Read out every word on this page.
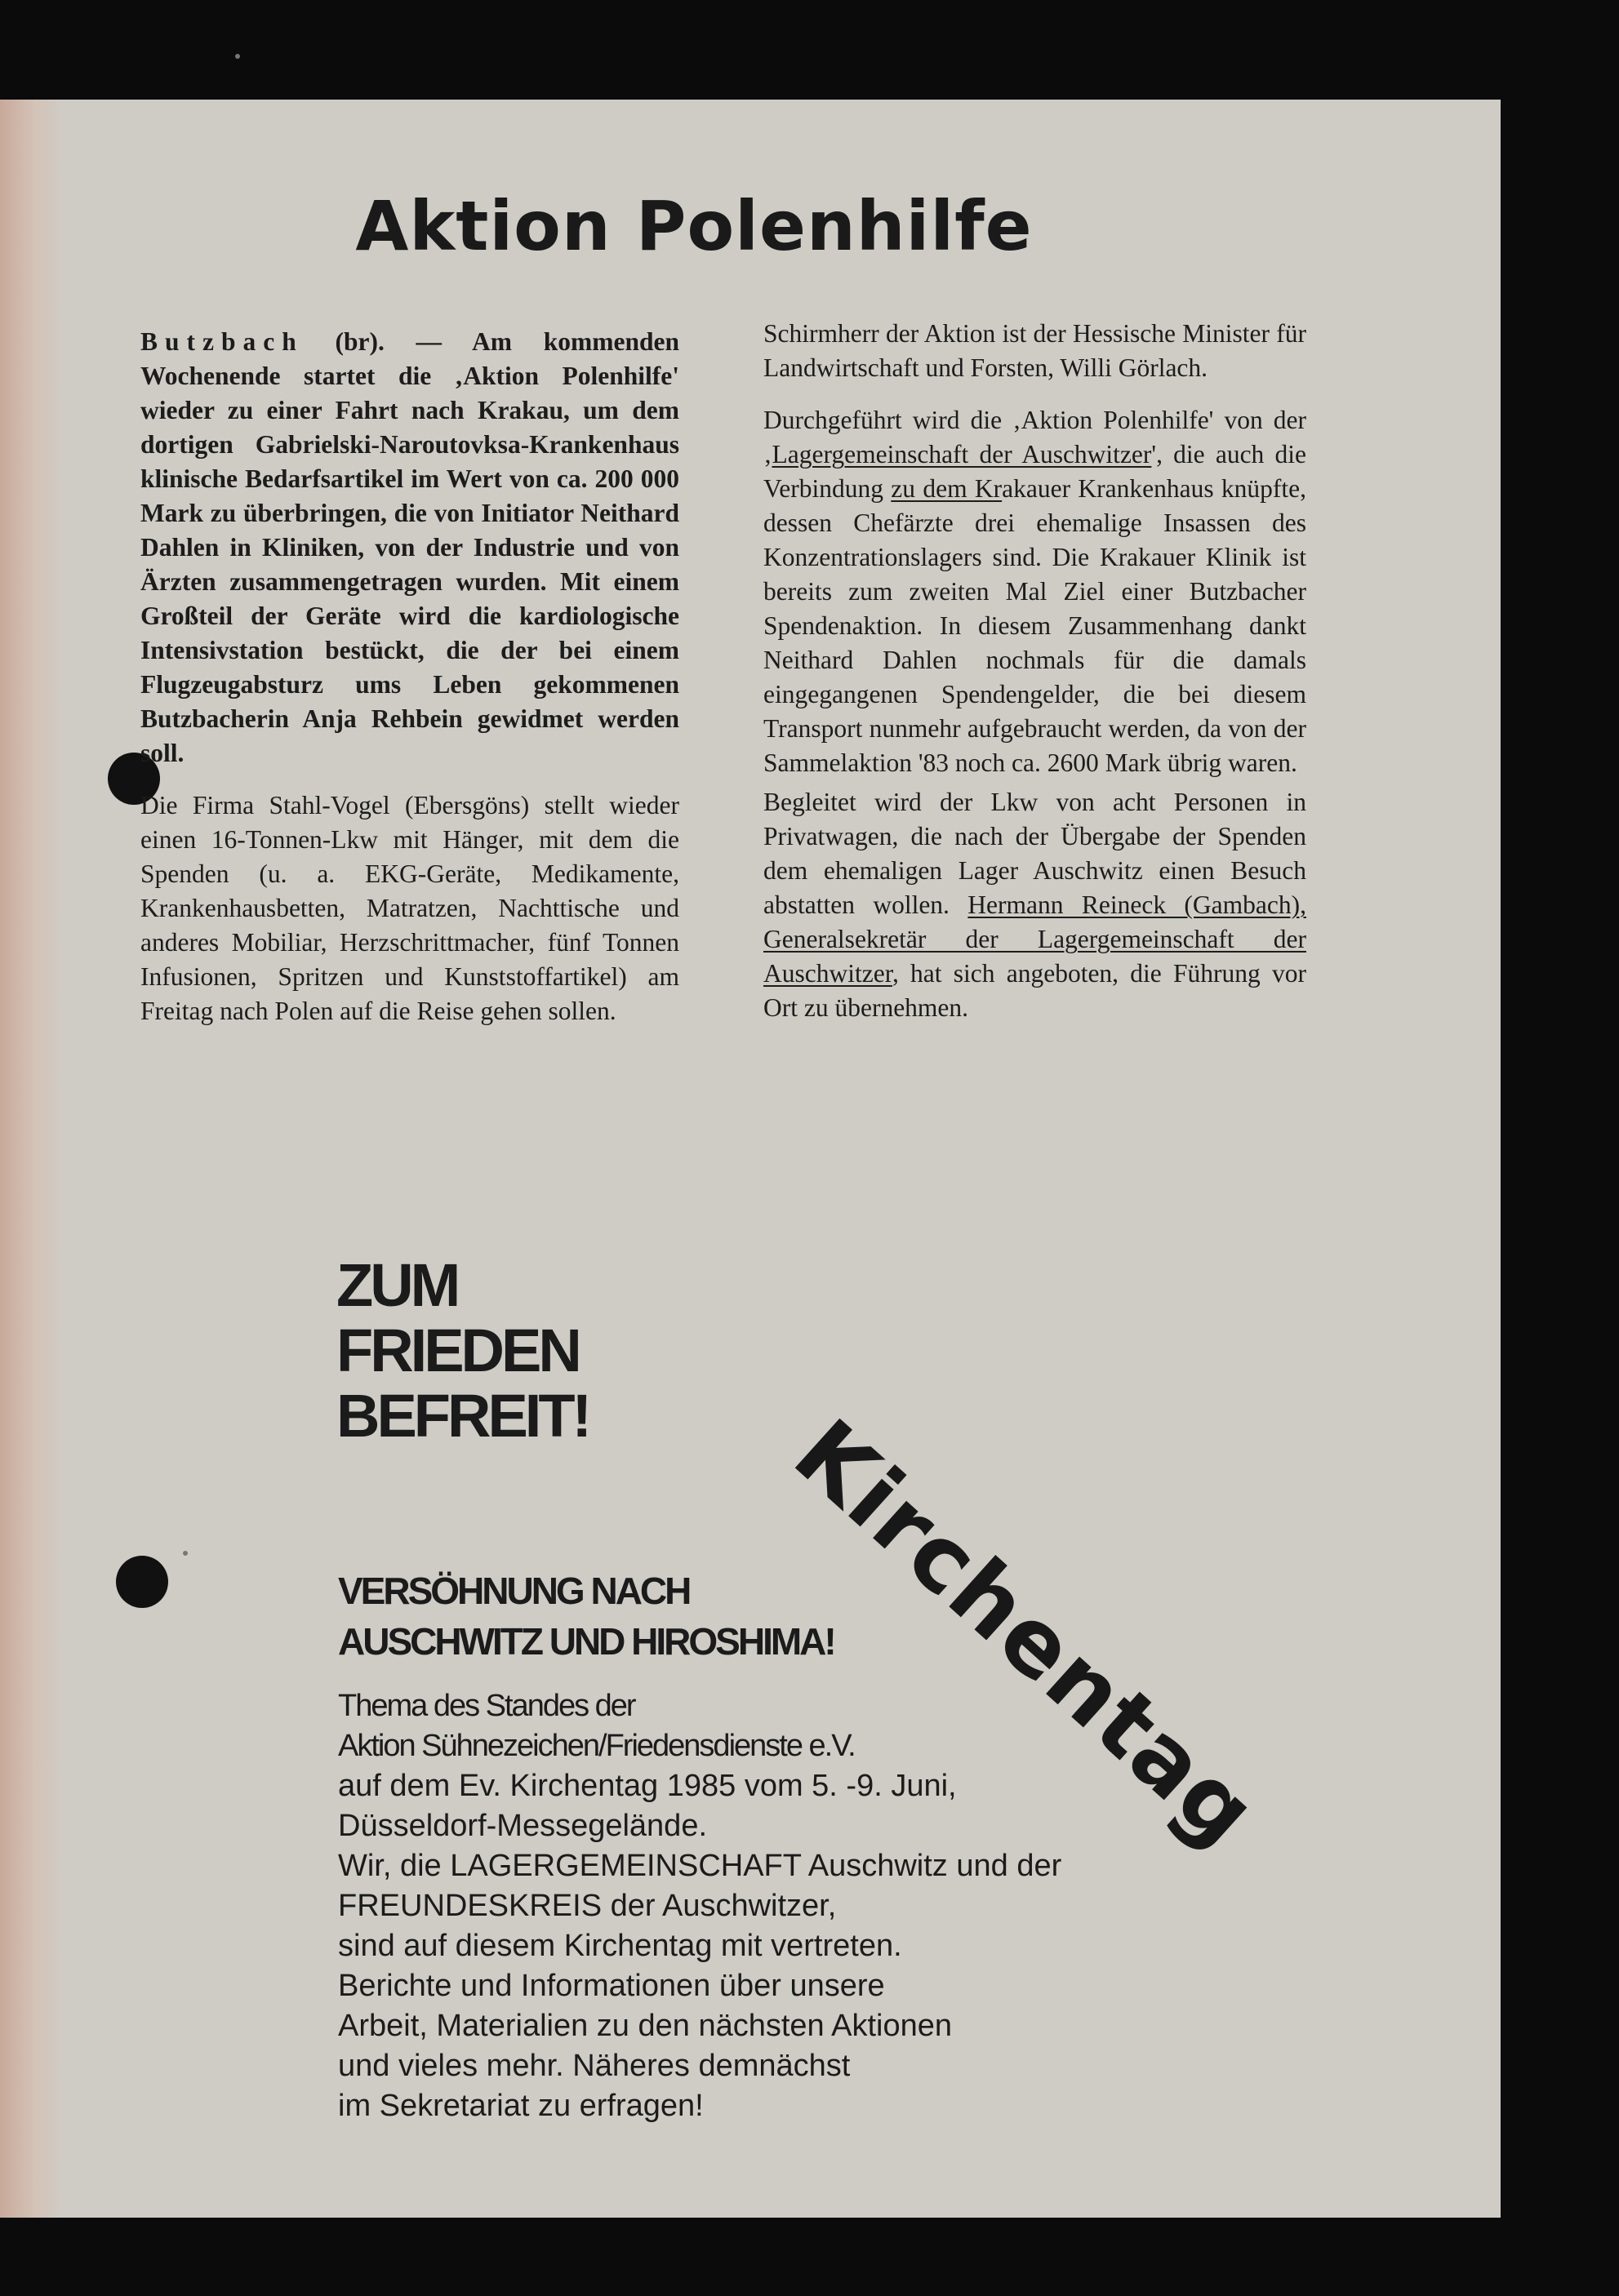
Aktion Polenhilfe

Butzbach (br). — Am kommenden Wochenende startet die ‚Aktion Polenhilfe' wieder zu einer Fahrt nach Krakau, um dem dortigen Gabrielski-Naroutovksa-Krankenhaus klinische Bedarfsartikel im Wert von ca. 200 000 Mark zu überbringen, die von Initiator Neithard Dahlen in Kliniken, von der Industrie und von Ärzten zusammengetragen wurden. Mit einem Großteil der Geräte wird die kardiologische Intensivstation bestückt, die der bei einem Flugzeugabsturz ums Leben gekommenen Butzbacherin Anja Rehbein gewidmet werden soll.

Die Firma Stahl-Vogel (Ebersgöns) stellt wieder einen 16-Tonnen-Lkw mit Hänger, mit dem die Spenden (u. a. EKG-Geräte, Medikamente, Krankenhausbetten, Matratzen, Nachttische und anderes Mobiliar, Herzschrittmacher, fünf Tonnen Infusionen, Spritzen und Kunststoffartikel) am Freitag nach Polen auf die Reise gehen sollen.

Schirmherr der Aktion ist der Hessische Minister für Landwirtschaft und Forsten, Willi Görlach.

Durchgeführt wird die ‚Aktion Polenhilfe' von der ‚Lagergemeinschaft der Auschwitzer', die auch die Verbindung zu dem Krakauer Krankenhaus knüpfte, dessen Chefärzte drei ehemalige Insassen des Konzentrationslagers sind. Die Krakauer Klinik ist bereits zum zweiten Mal Ziel einer Butzbacher Spendenaktion. In diesem Zusammenhang dankt Neithard Dahlen nochmals für die damals eingegangenen Spendengelder, die bei diesem Transport nunmehr aufgebraucht werden, da von der Sammelaktion '83 noch ca. 2600 Mark übrig waren.

Begleitet wird der Lkw von acht Personen in Privatwagen, die nach der Übergabe der Spenden dem ehemaligen Lager Auschwitz einen Besuch abstatten wollen. Hermann Reineck (Gambach), Generalsekretär der Lagergemeinschaft der Auschwitzer, hat sich angeboten, die Führung vor Ort zu übernehmen.

ZUM
FRIEDEN
BEFREIT!
VERSÖHNUNG NACH
AUSCHWITZ UND HIROSHIMA!
Thema des Standes der
Aktion Sühnezeichen/Friedensdienste e.V.
auf dem Ev. Kirchentag 1985 vom 5. -9. Juni,
Düsseldorf-Messegelände.
Wir, die LAGERGEMEINSCHAFT Auschwitz und der
FREUNDESKREIS der Auschwitzer,
sind auf diesem Kirchentag mit vertreten.
Berichte und Informationen über unsere
Arbeit, Materialien zu den nächsten Aktionen
und vieles mehr. Näheres demnächst
im Sekretariat zu erfragen!
Kirchentag
